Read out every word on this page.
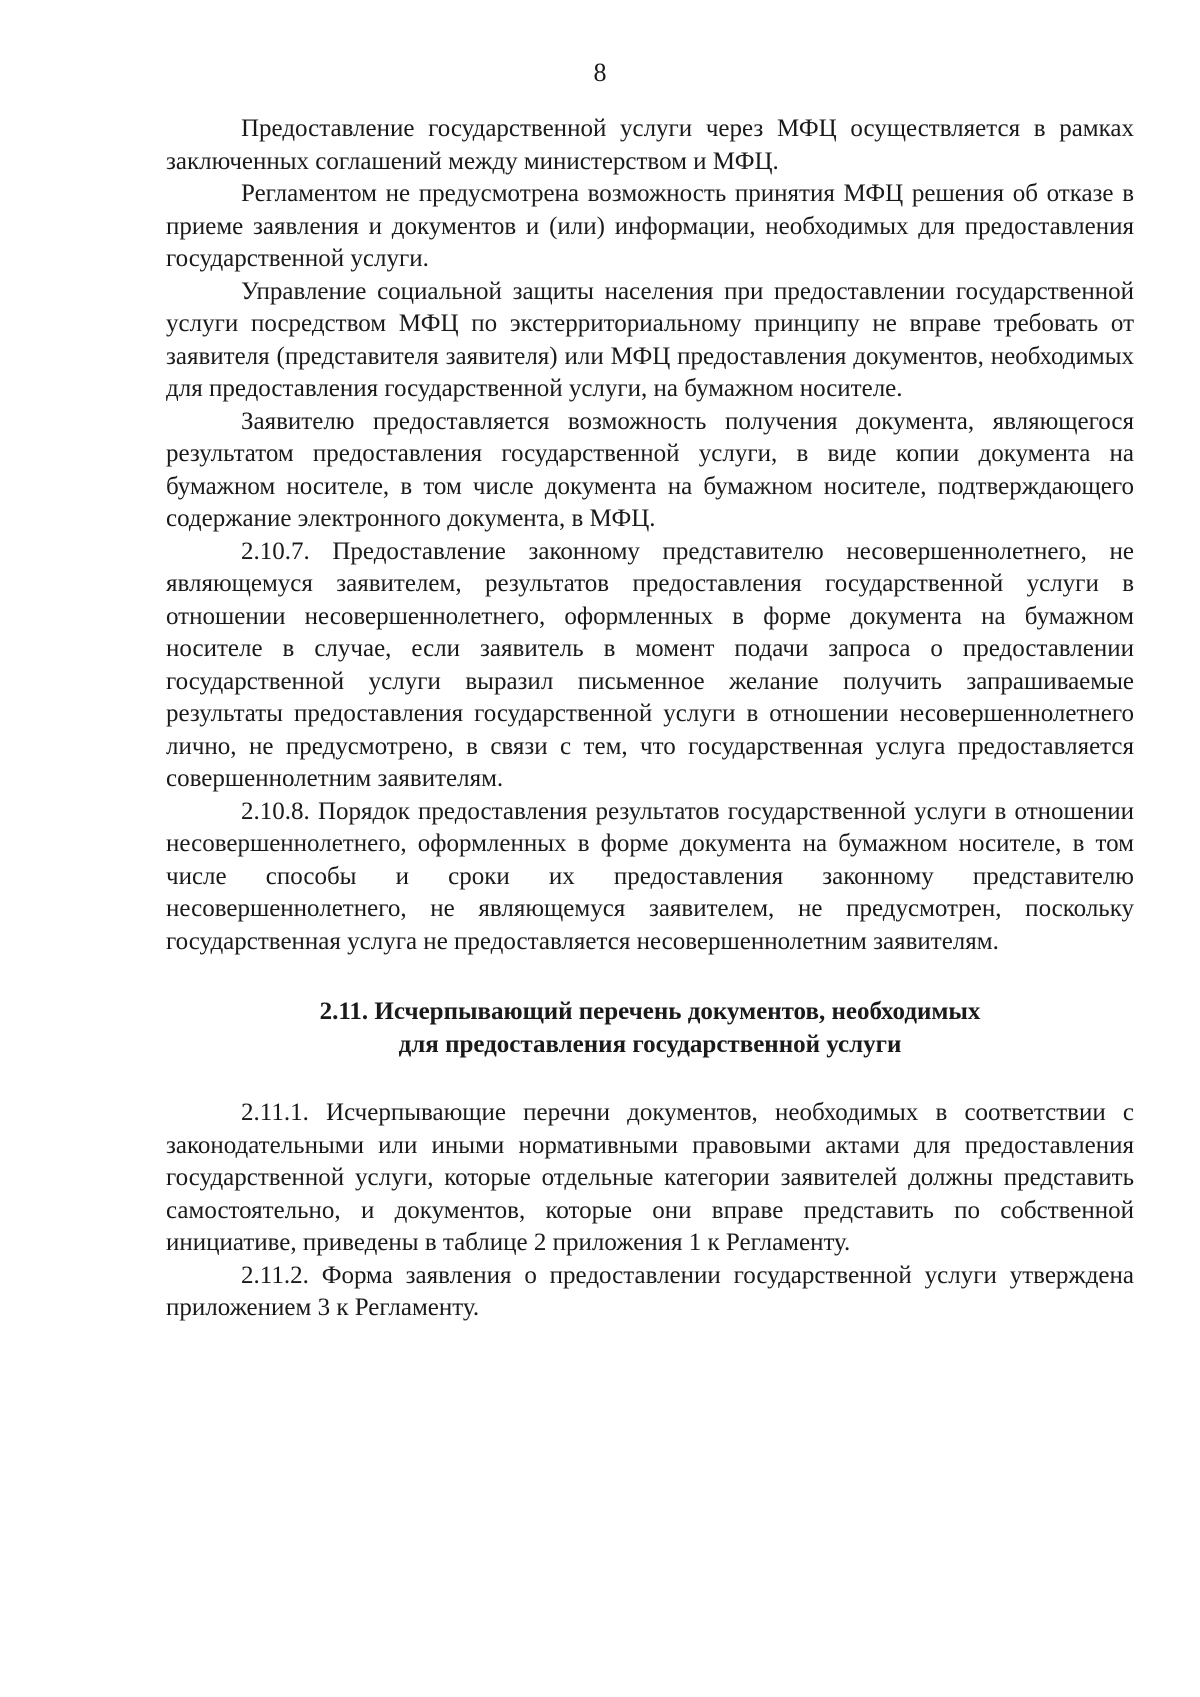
8

Предоставление государственной услуги через МФЦ осуществляется в рамках заключенных соглашений между министерством и МФЦ.

Регламентом не предусмотрена возможность принятия МФЦ решения об отказе в приеме заявления и документов и (или) информации, необходимых для предоставления государственной услуги.

Управление социальной защиты населения при предоставлении государственной услуги посредством МФЦ по экстерриториальному принципу не вправе требовать от заявителя (представителя заявителя) или МФЦ предоставления документов, необходимых для предоставления государственной услуги, на бумажном носителе.

Заявителю предоставляется возможность получения документа, являющегося результатом предоставления государственной услуги, в виде копии документа на бумажном носителе, в том числе документа на бумажном носителе, подтверждающего содержание электронного документа, в МФЦ.

2.10.7. Предоставление законному представителю несовершеннолетнего, не являющемуся заявителем, результатов предоставления государственной услуги в отношении несовершеннолетнего, оформленных в форме документа на бумажном носителе в случае, если заявитель в момент подачи запроса о предоставлении государственной услуги выразил письменное желание получить запрашиваемые результаты предоставления государственной услуги в отношении несовершеннолетнего лично, не предусмотрено, в связи с тем, что государственная услуга предоставляется совершеннолетним заявителям.

2.10.8. Порядок предоставления результатов государственной услуги в отношении несовершеннолетнего, оформленных в форме документа на бумажном носителе, в том числе способы и сроки их предоставления законному представителю несовершеннолетнего, не являющемуся заявителем, не предусмотрен, поскольку государственная услуга не предоставляется несовершеннолетним заявителям.

2.11. Исчерпывающий перечень документов, необходимых
для предоставления государственной услуги

2.11.1. Исчерпывающие перечни документов, необходимых в соответствии с законодательными или иными нормативными правовыми актами для предоставления государственной услуги, которые отдельные категории заявителей должны представить самостоятельно, и документов, которые они вправе представить по собственной инициативе, приведены в таблице 2 приложения 1 к Регламенту.

2.11.2. Форма заявления о предоставлении государственной услуги утверждена приложением 3 к Регламенту.
